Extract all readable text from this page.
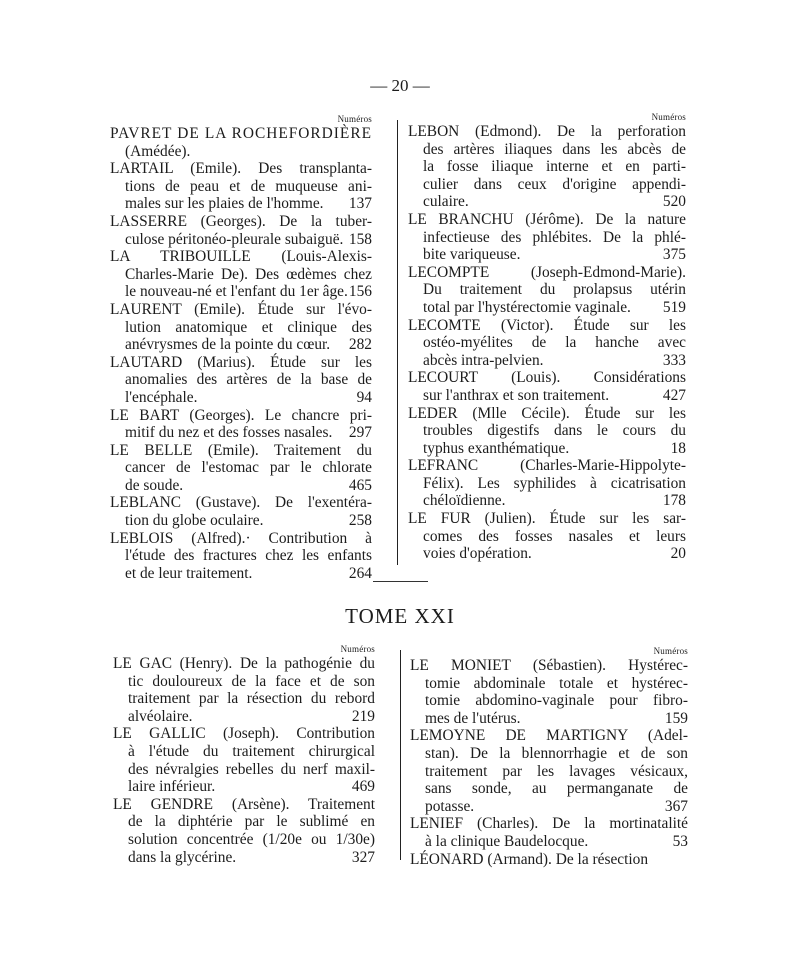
— 20 —
Numéros
PAVRET DE LA ROCHEFORDIÈRE
(Amédée).
LARTAIL (Emile). Des transplanta-
tions de peau et de muqueuse ani-
males sur les plaies de l'homme. 137
LASSERRE (Georges). De la tuber-
culose péritonéo-pleurale subaiguë. 158
LA TRIBOUILLE (Louis-Alexis-
Charles-Marie De). Des œdèmes chez
le nouveau-né et l'enfant du 1er âge. 156
LAURENT (Emile). Étude sur l'évo-
lution anatomique et clinique des
anévrysmes de la pointe du cœur. 282
LAUTARD (Marius). Étude sur les
anomalies des artères de la base de
l'encéphale.	94
LE BART (Georges). Le chancre pri-
mitif du nez et des fosses nasales. 297
LE BELLE (Emile). Traitement du
cancer de l'estomac par le chlorate
de soude.	465
LEBLANC (Gustave). De l'exentéra-
tion du globe oculaire.	258
LEBLOIS (Alfred).· Contribution à
l'étude des fractures chez les enfants
et de leur traitement.	264
Numéros
LEBON (Edmond). De la perforation
des artères iliaques dans les abcès de
la fosse iliaque interne et en parti-
culier dans ceux d'origine appendi-
culaire.	520
LE BRANCHU (Jérôme). De la nature
infectieuse des phlébites. De la phlé-
bite variqueuse.	375
LECOMPTE (Joseph-Edmond-Marie).
Du traitement du prolapsus utérin
total par l'hystérectomie vaginale. 519
LECOMTE (Victor). Étude sur les
ostéo-myélites de la hanche avec
abcès intra-pelvien.	333
LECOURT (Louis). Considérations
sur l'anthrax et son traitement.	427
LEDER (Mlle Cécile). Étude sur les
troubles digestifs dans le cours du
typhus exanthématique.	18
LEFRANC (Charles-Marie-Hippolyte-
Félix). Les syphilides à cicatrisation
chéloïdienne.	178
LE FUR (Julien). Étude sur les sar-
comes des fosses nasales et leurs
voies d'opération.	20
TOME XXI
Numéros
LE GAC (Henry). De la pathogénie du
tic douloureux de la face et de son
traitement par la résection du rebord
alvéolaire.	219
LE GALLIC (Joseph). Contribution
à l'étude du traitement chirurgical
des névralgies rebelles du nerf maxil-
laire inférieur.	469
LE GENDRE (Arsène). Traitement
de la diphtérie par le sublimé en
solution concentrée (1/20e ou 1/30e)
dans la glycérine.	327
Numéros
LE MONIET (Sébastien). Hystérec-
tomie abdominale totale et hystérec-
tomie abdomino-vaginale pour fibro-
mes de l'utérus.	159
LEMOYNE DE MARTIGNY (Adel-
stan). De la blennorrhagie et de son
traitement par les lavages vésicaux,
sans sonde, au permanganate de
potasse.	367
LENIEF (Charles). De la mortinatalité
à la clinique Baudelocque.	53
LÉONARD (Armand). De la résection
